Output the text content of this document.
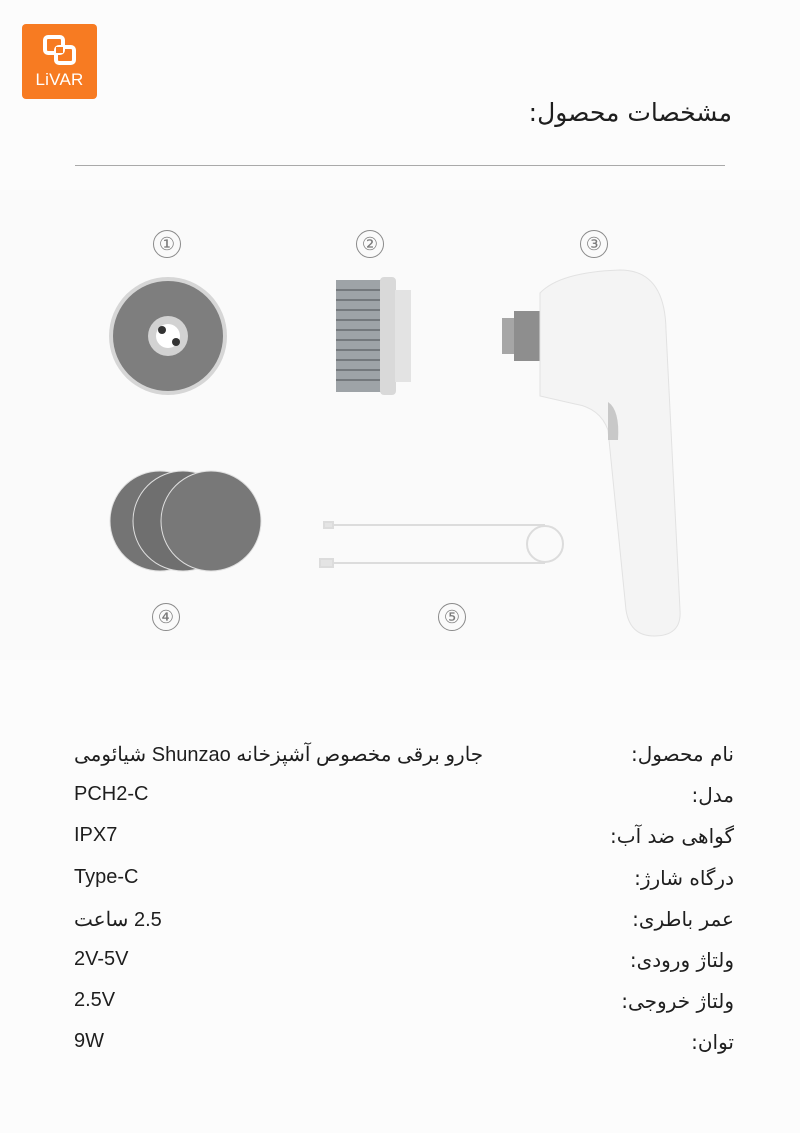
LiVAR
مشخصات محصول:
①	②	③
④	⑤
نام محصول:
جارو برقی مخصوص آشپزخانه Shunzao شیائومی
مدل:
PCH2-C
گواهی ضد آب:
IPX7
درگاه شارژ:
Type-C
عمر باطری:
2.5 ساعت
ولتاژ ورودی:
2V-5V
ولتاژ خروجی:
2.5V
توان:
9W
